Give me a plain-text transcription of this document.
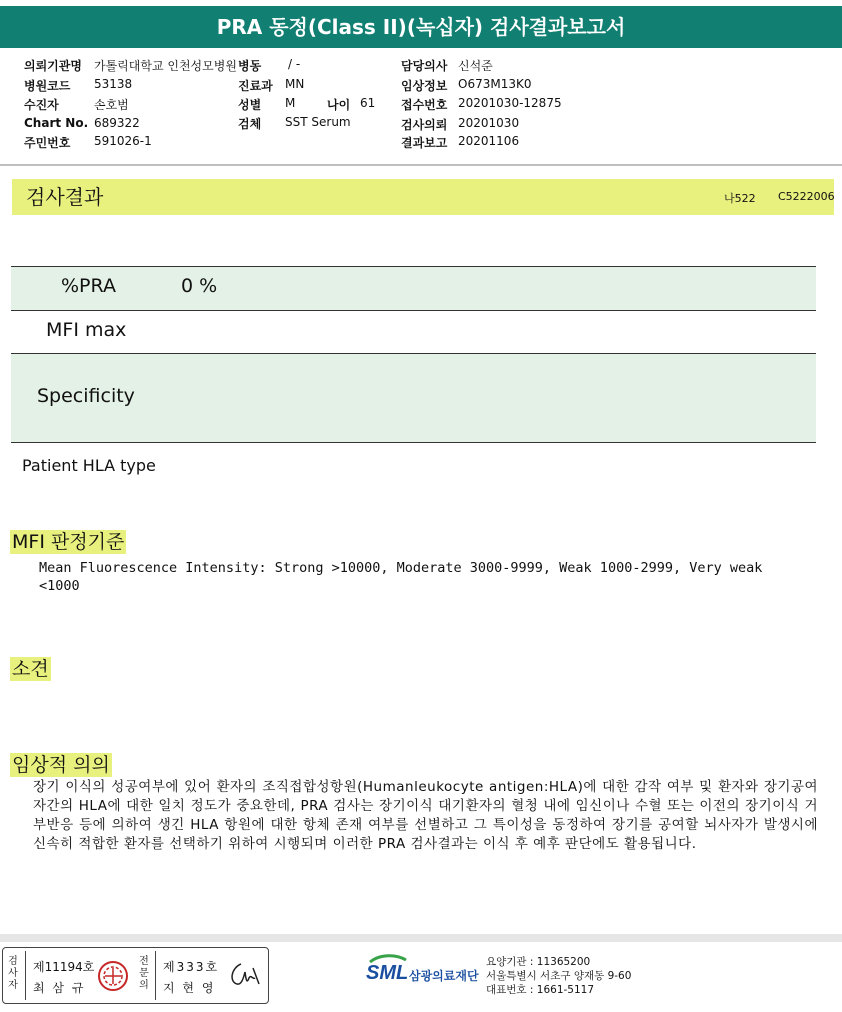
PRA 동정(Class II)(녹십자) 검사결과보고서
의뢰기관명 가톨릭대학교 인천성모병원 병동 / -	담당의사 신석준
병원코드 53138	진료과 MN	임상정보 O673M13K0
수진자	손호범	성별 M	나이 61 접수번호 20201030-12875
Chart No. 689322	검체 SST Serum	검사의뢰 20201030
주민번호 591026-1	결과보고 20201106
검사결과	나522 C5222006
%PRA	0 %
MFI max
Specificity
Patient HLA type
MFI 판정기준
Mean Fluorescence Intensity: Strong >10000, Moderate 3000-9999, Weak 1000-2999, Very weak
<1000
소견
임상적 의의
장기 이식의 성공여부에 있어 환자의 조직접합성항원(Humanleukocyte antigen:HLA)에 대한 감작 여부 및 환자와 장기공여자간의 HLA에 대한 일치 정도가 중요한데, PRA 검사는 장기이식 대기환자의 혈청 내에 임신이나 수혈 또는 이전의 장기이식 거부반응 등에 의하여 생긴 HLA 항원에 대한 항체 존재 여부를 선별하고 그 특이성을 동정하여 장기를 공여할 뇌사자가 발생시에 신속히 적합한 환자를 선택하기 위하여 시행되며 이러한 PRA 검사결과는 이식 후 예후 판단에도 활용됩니다.
검
사
자
제11194호
최 삼 규
전
문
의
제333호
지 현 영
SML 삼광의료재단
요양기관 : 11365200
서울특별시 서초구 양재동 9-60
대표번호 : 1661-5117
